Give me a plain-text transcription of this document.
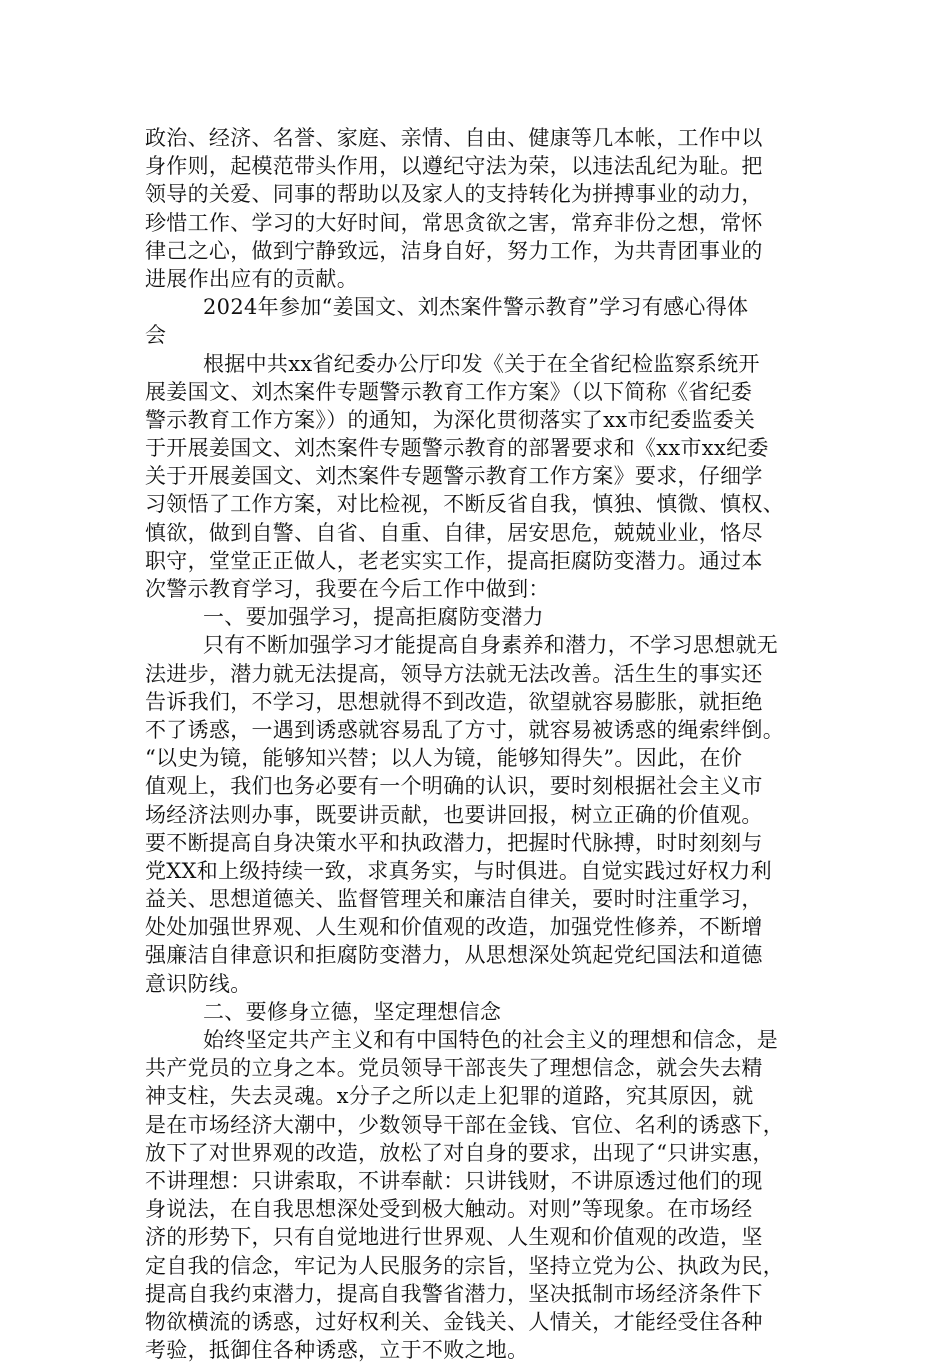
政治、经济、名誉、家庭、亲情、自由、健康等几本帐，工作中以
身作则，起模范带头作用，以遵纪守法为荣，以违法乱纪为耻。把
领导的关爱、同事的帮助以及家人的支持转化为拼搏事业的动力，
珍惜工作、学习的大好时间，常思贪欲之害，常弃非份之想，常怀
律己之心，做到宁静致远，洁身自好，努力工作，为共青团事业的
进展作出应有的贡献。
2024年参加“姜国文、刘杰案件警示教育”学习有感心得体
会
根据中共xx省纪委办公厅印发《关于在全省纪检监察系统开
展姜国文、刘杰案件专题警示教育工作方案》（以下简称《省纪委
警示教育工作方案》）的通知，为深化贯彻落实了xx市纪委监委关
于开展姜国文、刘杰案件专题警示教育的部署要求和《xx市xx纪委
关于开展姜国文、刘杰案件专题警示教育工作方案》要求，仔细学
习领悟了工作方案，对比检视，不断反省自我，慎独、慎微、慎权、
慎欲，做到自警、自省、自重、自律，居安思危，兢兢业业，恪尽
职守，堂堂正正做人，老老实实工作，提高拒腐防变潜力。通过本
次警示教育学习，我要在今后工作中做到：
一、要加强学习，提高拒腐防变潜力
只有不断加强学习才能提高自身素养和潜力，不学习思想就无
法进步，潜力就无法提高，领导方法就无法改善。活生生的事实还
告诉我们，不学习，思想就得不到改造，欲望就容易膨胀，就拒绝
不了诱惑，一遇到诱惑就容易乱了方寸，就容易被诱惑的绳索绊倒。
“以史为镜，能够知兴替；以人为镜，能够知得失”。因此，在价
值观上，我们也务必要有一个明确的认识，要时刻根据社会主义市
场经济法则办事，既要讲贡献，也要讲回报，树立正确的价值观。
要不断提高自身决策水平和执政潜力，把握时代脉搏，时时刻刻与
党XX和上级持续一致，求真务实，与时俱进。自觉实践过好权力利
益关、思想道德关、监督管理关和廉洁自律关，要时时注重学习，
处处加强世界观、人生观和价值观的改造，加强党性修养，不断增
强廉洁自律意识和拒腐防变潜力，从思想深处筑起党纪国法和道德
意识防线。
二、要修身立德，坚定理想信念
始终坚定共产主义和有中国特色的社会主义的理想和信念，是
共产党员的立身之本。党员领导干部丧失了理想信念，就会失去精
神支柱，失去灵魂。x分子之所以走上犯罪的道路，究其原因，就
是在市场经济大潮中，少数领导干部在金钱、官位、名利的诱惑下，
放下了对世界观的改造，放松了对自身的要求，出现了“只讲实惠，
不讲理想：只讲索取，不讲奉献：只讲钱财，不讲原透过他们的现
身说法，在自我思想深处受到极大触动。对则”等现象。在市场经
济的形势下，只有自觉地进行世界观、人生观和价值观的改造，坚
定自我的信念，牢记为人民服务的宗旨，坚持立党为公、执政为民，
提高自我约束潜力，提高自我警省潜力，坚决抵制市场经济条件下
物欲横流的诱惑，过好权利关、金钱关、人情关，才能经受住各种
考验，抵御住各种诱惑，立于不败之地。
